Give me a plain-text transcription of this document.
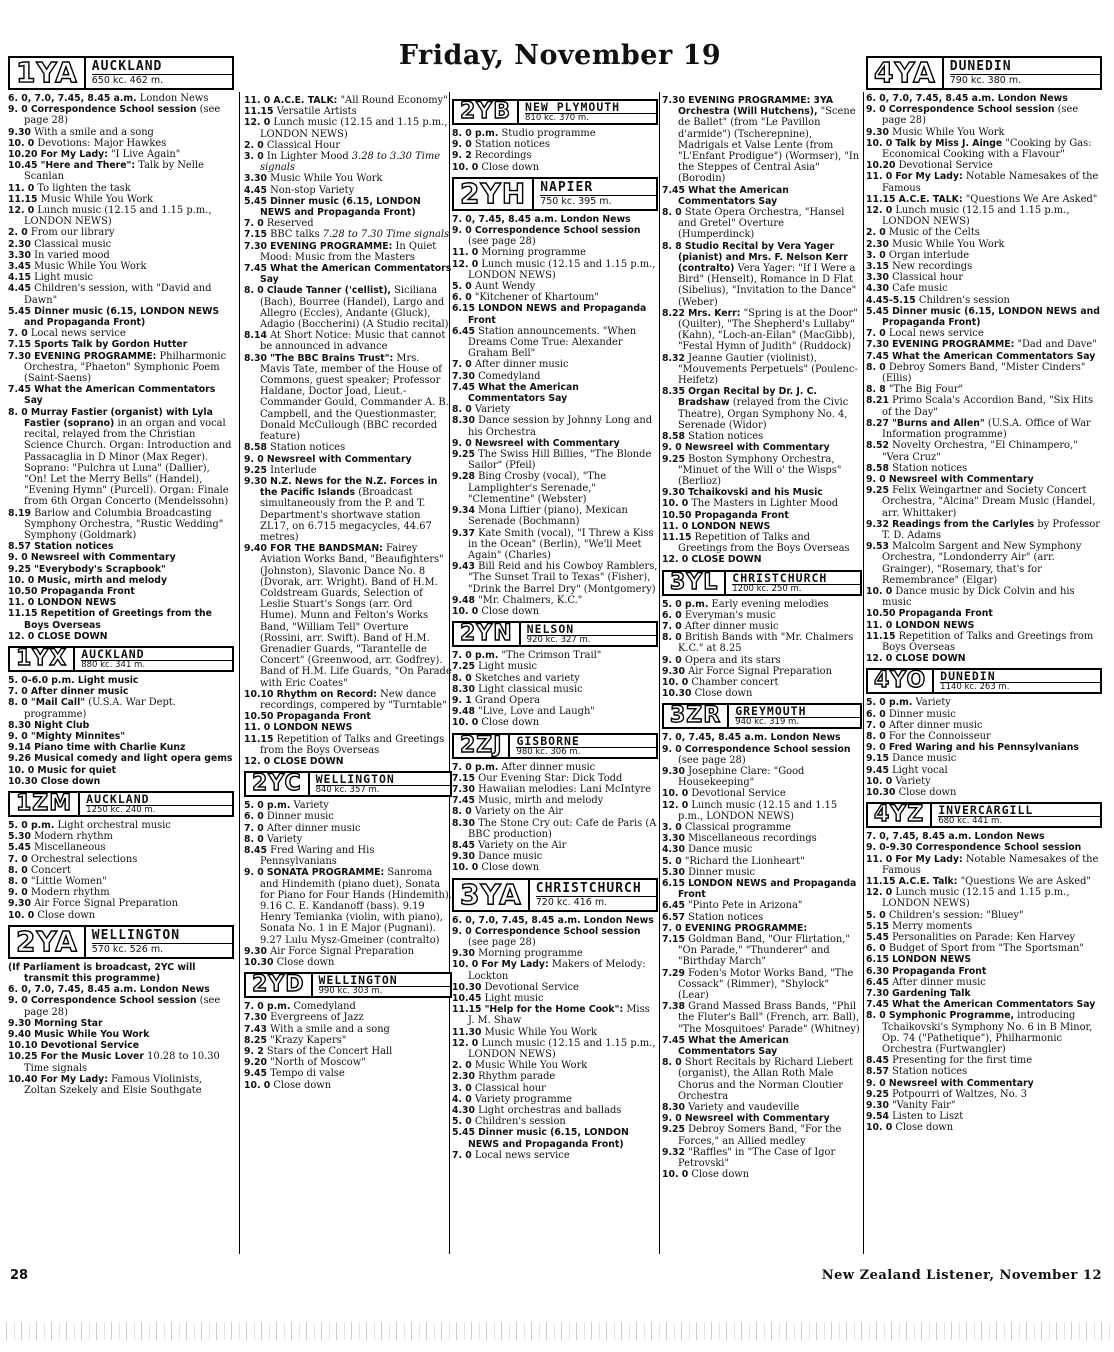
Friday, November 19
1YA	AUCKLAND
650 kc. 462 m.

6. 0, 7.0, 7.45, 8.45 a.m. London News

9. 0 Correspondence School session (see page 28)

9.30 With a smile and a song

10. 0 Devotions: Major Hawkes

10.20 For My Lady: "I Live Again"

10.45 "Here and There": Talk by Nelle Scanlan

11. 0 To lighten the task

11.15 Music While You Work

12. 0 Lunch music (12.15 and 1.15 p.m., LONDON NEWS)

2. 0 From our library

2.30 Classical music

3.30 In varied mood

3.45 Music While You Work

4.15 Light music

4.45 Children's session, with "David and Dawn"

5.45 Dinner music (6.15, LONDON NEWS and Propaganda Front)

7. 0 Local news service

7.15 Sports Talk by Gordon Hutter

7.30 EVENING PROGRAMME: Philharmonic Orchestra, "Phaeton" Symphonic Poem (Saint-Saens)

7.45 What the American Commentators Say

8. 0 Murray Fastier (organist) with Lyla Fastier (soprano) in an organ and vocal recital, relayed from the Christian Science Church. Organ: Introduction and Passacaglia in D Minor (Max Reger). Soprano: "Pulchra ut Luna" (Dallier), "On! Let the Merry Bells" (Handel), "Evening Hymn" (Purcell). Organ: Finale from 6th Organ Concerto (Mendelssohn)

8.19 Barlow and Columbia Broadcasting Symphony Orchestra, "Rustic Wedding" Symphony (Goldmark)

8.57 Station notices

9. 0 Newsreel with Commentary

9.25 "Everybody's Scrapbook"

10. 0 Music, mirth and melody

10.50 Propaganda Front

11. 0 LONDON NEWS

11.15 Repetition of Greetings from the Boys Overseas

12. 0 CLOSE DOWN

1YX	AUCKLAND
880 kc. 341 m.

5. 0-6.0 p.m. Light music

7. 0 After dinner music

8. 0 "Mail Call" (U.S.A. War Dept. programme)

8.30 Night Club

9. 0 "Mighty Minnites"

9.14 Piano time with Charlie Kunz

9.26 Musical comedy and light opera gems

10. 0 Music for quiet

10.30 Close down

1ZM	AUCKLAND
1250 kc. 240 m.

5. 0 p.m. Light orchestral music

5.30 Modern rhythm

5.45 Miscellaneous

7. 0 Orchestral selections

8. 0 Concert

8. 0 "Little Women"

9. 0 Modern rhythm

9.30 Air Force Signal Preparation

10. 0 Close down

2YA	WELLINGTON
570 kc. 526 m.

(If Parliament is broadcast, 2YC will transmit this programme)

6. 0, 7.0, 7.45, 8.45 a.m. London News

9. 0 Correspondence School session (see page 28)

9.30 Morning Star

9.40 Music While You Work

10.10 Devotional Service

10.25 For the Music Lover 10.28 to 10.30 Time signals

10.40 For My Lady: Famous Violinists, Zoltan Szekely and Elsie Southgate

11. 0 A.C.E. TALK: "All Round Economy"

11.15 Versatile Artists

12. 0 Lunch music (12.15 and 1.15 p.m., LONDON NEWS)

2. 0 Classical Hour

3. 0 In Lighter Mood 3.28 to 3.30 Time signals

3.30 Music While You Work

4.45 Non-stop Variety

5.45 Dinner music (6.15, LONDON NEWS and Propaganda Front)

7. 0 Reserved

7.15 BBC talks 7.28 to 7.30 Time signals

7.30 EVENING PROGRAMME: In Quiet Mood: Music from the Masters

7.45 What the American Commentators Say

8. 0 Claude Tanner ('cellist), Siciliana (Bach), Bourree (Handel), Largo and Allegro (Eccles), Andante (Gluck), Adagio (Boccherini) (A Studio recital)

8.14 At Short Notice: Music that cannot be announced in advance

8.30 "The BBC Brains Trust": Mrs. Mavis Tate, member of the House of Commons, guest speaker; Professor Haldane, Doctor Joad, Lieut.-Commander Gould, Commander A. B. Campbell, and the Questionmaster, Donald McCullough (BBC recorded feature)

8.58 Station notices

9. 0 Newsreel with Commentary

9.25 Interlude

9.30 N.Z. News for the N.Z. Forces in the Pacific Islands (Broadcast simultaneously from the P. and T. Department's shortwave station ZL17, on 6.715 megacycles, 44.67 metres)

9.40 FOR THE BANDSMAN: Fairey Aviation Works Band, "Beaufighters" (Johnston), Slavonic Dance No. 8 (Dvorak, arr. Wright). Band of H.M. Coldstream Guards, Selection of Leslie Stuart's Songs (arr. Ord Hume). Munn and Felton's Works Band, "William Tell" Overture (Rossini, arr. Swift). Band of H.M. Grenadier Guards, "Tarantelle de Concert" (Greenwood, arr. Godfrey). Band of H.M. Life Guards, "On Parade with Eric Coates"

10.10 Rhythm on Record: New dance recordings, compered by "Turntable"

10.50 Propaganda Front

11. 0 LONDON NEWS

11.15 Repetition of Talks and Greetings from the Boys Overseas

12. 0 CLOSE DOWN

2YC	WELLINGTON
840 kc. 357 m.

5. 0 p.m. Variety

6. 0 Dinner music

7. 0 After dinner music

8. 0 Variety

8.45 Fred Waring and His Pennsylvanians

9. 0 SONATA PROGRAMME: Sanroma and Hindemith (piano duet), Sonata for Piano for Four Hands (Hindemith). 9.16 C. E. Kandanoff (bass). 9.19 Henry Temianka (violin, with piano), Sonata No. 1 in E Major (Pugnani). 9.27 Lulu Mysz-Gmeiner (contralto)

9.30 Air Force Signal Preparation

10.30 Close down

2YD	WELLINGTON
990 kc. 303 m.

7. 0 p.m. Comedyland

7.30 Evergreens of Jazz

7.43 With a smile and a song

8.25 "Krazy Kapers"

9. 2 Stars of the Concert Hall

9.20 "North of Moscow"

9.45 Tempo di valse

10. 0 Close down

2YB	NEW PLYMOUTH
810 kc. 370 m.

8. 0 p.m. Studio programme

9. 0 Station notices

9. 2 Recordings

10. 0 Close down

2YH	NAPIER
750 kc. 395 m.

7. 0, 7.45, 8.45 a.m. London News

9. 0 Correspondence School session (see page 28)

11. 0 Morning programme

12. 0 Lunch music (12.15 and 1.15 p.m., LONDON NEWS)

5. 0 Aunt Wendy

6. 0 "Kitchener of Khartoum"

6.15 LONDON NEWS and Propaganda Front

6.45 Station announcements. "When Dreams Come True: Alexander Graham Bell"

7. 0 After dinner music

7.30 Comedyland

7.45 What the American Commentators Say

8. 0 Variety

8.30 Dance session by Johnny Long and his Orchestra

9. 0 Newsreel with Commentary

9.25 The Swiss Hill Billies, "The Blonde Sailor" (Pfeil)

9.28 Bing Crosby (vocal), "The Lamplighter's Serenade," "Clementine" (Webster)

9.34 Mona Liftier (piano), Mexican Serenade (Bochmann)

9.37 Kate Smith (vocal), "I Threw a Kiss in the Ocean" (Berlin), "We'll Meet Again" (Charles)

9.43 Bill Reid and his Cowboy Ramblers, "The Sunset Trail to Texas" (Fisher), "Drink the Barrel Dry" (Montgomery)

9.48 "Mr. Chalmers, K.C."

10. 0 Close down

2YN	NELSON
920 kc. 327 m.

7. 0 p.m. "The Crimson Trail"

7.25 Light music

8. 0 Sketches and variety

8.30 Light classical music

9. 1 Grand Opera

9.48 "Live, Love and Laugh"

10. 0 Close down

2ZJ	GISBORNE
980 kc. 306 m.

7. 0 p.m. After dinner music

7.15 Our Evening Star: Dick Todd

7.30 Hawaiian melodies: Lani McIntyre

7.45 Music, mirth and melody

8. 0 Variety on the Air

8.30 The Stone Cry out: Cafe de Paris (A BBC production)

8.45 Variety on the Air

9.30 Dance music

10. 0 Close down

3YA	CHRISTCHURCH
720 kc. 416 m.

6. 0, 7.0, 7.45, 8.45 a.m. London News

9. 0 Correspondence School session (see page 28)

9.30 Morning programme

10. 0 For My Lady: Makers of Melody: Lockton

10.30 Devotional Service

10.45 Light music

11.15 "Help for the Home Cook": Miss J. M. Shaw

11.30 Music While You Work

12. 0 Lunch music (12.15 and 1.15 p.m., LONDON NEWS)

2. 0 Music While You Work

2.30 Rhythm parade

3. 0 Classical hour

4. 0 Variety programme

4.30 Light orchestras and ballads

5. 0 Children's session

5.45 Dinner music (6.15, LONDON NEWS and Propaganda Front)

7. 0 Local news service

7.30 EVENING PROGRAMME: 3YA Orchestra (Will Hutchens), "Scene de Ballet" (from "Le Pavillon d'armide") (Tscherepnine), Madrigals et Valse Lente (from "L'Enfant Prodigue") (Wormser), "In the Steppes of Central Asia" (Borodin)

7.45 What the American Commentators Say

8. 0 State Opera Orchestra, "Hansel and Gretel" Overture (Humperdinck)

8. 8 Studio Recital by Vera Yager (pianist) and Mrs. F. Nelson Kerr (contralto) Vera Yager: "If I Were a Bird" (Henselt), Romance in D Flat (Sibelius), "Invitation to the Dance" (Weber)

8.22 Mrs. Kerr: "Spring is at the Door" (Quilter), "The Shepherd's Lullaby" (Kahn), "Loch-an-Eilan" (MacGibb), "Festal Hymn of Judith" (Ruddock)

8.32 Jeanne Gautier (violinist), "Mouvements Perpetuels" (Poulenc-Heifetz)

8.35 Organ Recital by Dr. J. C. Bradshaw (relayed from the Civic Theatre), Organ Symphony No. 4, Serenade (Widor)

8.58 Station notices

9. 0 Newsreel with Commentary

9.25 Boston Symphony Orchestra, "Minuet of the Will o' the Wisps" (Berlioz)

9.30 Tchaikovski and his Music

10. 0 The Masters in Lighter Mood

10.50 Propaganda Front

11. 0 LONDON NEWS

11.15 Repetition of Talks and Greetings from the Boys Overseas

12. 0 CLOSE DOWN

3YL	CHRISTCHURCH
1200 kc. 250 m.

5. 0 p.m. Early evening melodies

6. 0 Everyman's music

7. 0 After dinner music

8. 0 British Bands with "Mr. Chalmers K.C." at 8.25

9. 0 Opera and its stars

9.30 Air Force Signal Preparation

10. 0 Chamber concert

10.30 Close down

3ZR	GREYMOUTH
940 kc. 319 m.

7. 0, 7.45, 8.45 a.m. London News

9. 0 Correspondence School session (see page 28)

9.30 Josephine Clare: "Good Housekeeping"

10. 0 Devotional Service

12. 0 Lunch music (12.15 and 1.15 p.m., LONDON NEWS)

3. 0 Classical programme

3.30 Miscellaneous recordings

4.30 Dance music

5. 0 "Richard the Lionheart"

5.30 Dinner music

6.15 LONDON NEWS and Propaganda Front

6.45 "Pinto Pete in Arizona"

6.57 Station notices

7. 0 EVENING PROGRAMME:

7.15 Goldman Band, "Our Flirtation," "On Parade," "Thunderer" and "Birthday March"

7.29 Foden's Motor Works Band, "The Cossack" (Rimmer), "Shylock" (Lear)

7.38 Grand Massed Brass Bands, "Phil the Fluter's Ball" (French, arr. Ball), "The Mosquitoes' Parade" (Whitney)

7.45 What the American Commentators Say

8. 0 Short Recitals by Richard Liebert (organist), the Allan Roth Male Chorus and the Norman Cloutier Orchestra

8.30 Variety and vaudeville

9. 0 Newsreel with Commentary

9.25 Debroy Somers Band, "For the Forces," an Allied medley

9.32 "Raffles" in "The Case of Igor Petrovski"

10. 0 Close down

4YA	DUNEDIN
790 kc. 380 m.

6. 0, 7.0, 7.45, 8.45 a.m. London News

9. 0 Correspondence School session (see page 28)

9.30 Music While You Work

10. 0 Talk by Miss J. Ainge "Cooking by Gas: Economical Cooking with a Flavour"

10.20 Devotional Service

11. 0 For My Lady: Notable Namesakes of the Famous

11.15 A.C.E. TALK: "Questions We Are Asked"

12. 0 Lunch music (12.15 and 1.15 p.m., LONDON NEWS)

2. 0 Music of the Celts

2.30 Music While You Work

3. 0 Organ interlude

3.15 New recordings

3.30 Classical hour

4.30 Cafe music

4.45-5.15 Children's session

5.45 Dinner music (6.15, LONDON NEWS and Propaganda Front)

7. 0 Local news service

7.30 EVENING PROGRAMME: "Dad and Dave"

7.45 What the American Commentators Say

8. 0 Debroy Somers Band, "Mister Cinders" (Ellis)

8. 8 "The Big Four"

8.21 Primo Scala's Accordion Band, "Six Hits of the Day"

8.27 "Burns and Allen" (U.S.A. Office of War Information programme)

8.52 Novelty Orchestra, "El Chinampero," "Vera Cruz"

8.58 Station notices

9. 0 Newsreel with Commentary

9.25 Felix Weingartner and Society Concert Orchestra, "Alcina" Dream Music (Handel, arr. Whittaker)

9.32 Readings from the Carlyles by Professor T. D. Adams

9.53 Malcolm Sargent and New Symphony Orchestra, "Londonderry Air" (arr. Grainger), "Rosemary, that's for Remembrance" (Elgar)

10. 0 Dance music by Dick Colvin and his music

10.50 Propaganda Front

11. 0 LONDON NEWS

11.15 Repetition of Talks and Greetings from Boys Overseas

12. 0 CLOSE DOWN

4YO	DUNEDIN
1140 kc. 263 m.

5. 0 p.m. Variety

6. 0 Dinner music

7. 0 After dinner music

8. 0 For the Connoisseur

9. 0 Fred Waring and his Pennsylvanians

9.15 Dance music

9.45 Light vocal

10. 0 Variety

10.30 Close down

4YZ	INVERCARGILL
680 kc. 441 m.

7. 0, 7.45, 8.45 a.m. London News

9. 0-9.30 Correspondence School session

11. 0 For My Lady: Notable Namesakes of the Famous

11.15 A.C.E. Talk: "Questions We are Asked"

12. 0 Lunch music (12.15 and 1.15 p.m., LONDON NEWS)

5. 0 Children's session: "Bluey"

5.15 Merry moments

5.45 Personalities on Parade: Ken Harvey

6. 0 Budget of Sport from "The Sportsman"

6.15 LONDON NEWS

6.30 Propaganda Front

6.45 After dinner music

7.30 Gardening Talk

7.45 What the American Commentators Say

8. 0 Symphonic Programme, introducing Tchaikovski's Symphony No. 6 in B Minor, Op. 74 ("Pathetique"), Philharmonic Orchestra (Furtwangler)

8.45 Presenting for the first time

8.57 Station notices

9. 0 Newsreel with Commentary

9.25 Potpourri of Waltzes, No. 3

9.30 "Vanity Fair"

9.54 Listen to Liszt

10. 0 Close down

28	New Zealand Listener, November 12
